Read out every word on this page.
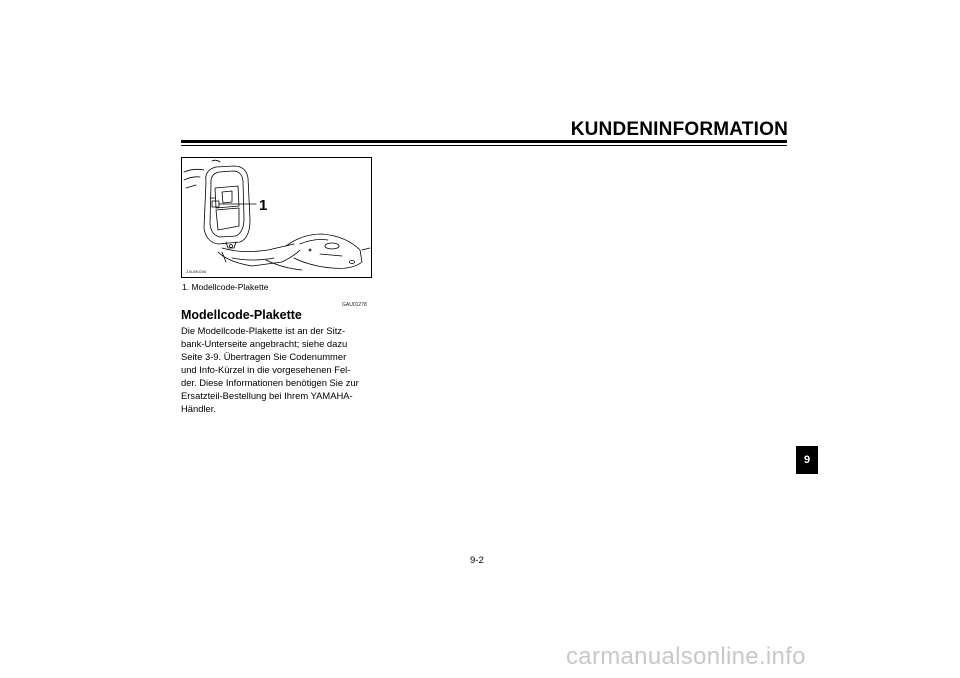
KUNDENINFORMATION
1
ZAUM0266
1. Modellcode-Plakette
GAU01278
Modellcode-Plakette

Die Modellcode-Plakette ist an der Sitz-
bank-Unterseite angebracht; siehe dazu
Seite 3-9. Übertragen Sie Codenummer
und Info-Kürzel in die vorgesehenen Fel-
der. Diese Informationen benötigen Sie zur
Ersatzteil-Bestellung bei Ihrem YAMAHA-
Händler.

9
9-2
carmanualsonline.info
